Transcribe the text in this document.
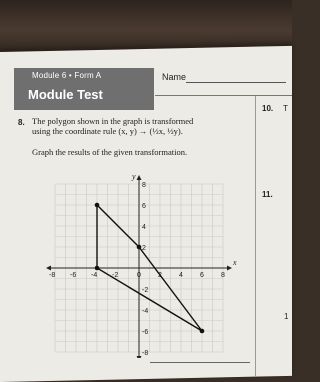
Module 6 • Form A
Module Test
Name
8. The polygon shown in the graph is transformed

using the coordinate rule (x, y) → (½x, ½y).

Graph the results of the given transformation.

10. T
11.
1
x
y
-8 -6 -4 -2	0 2 4 6 8
8
6
4
2
-2
-4
-6
-8
